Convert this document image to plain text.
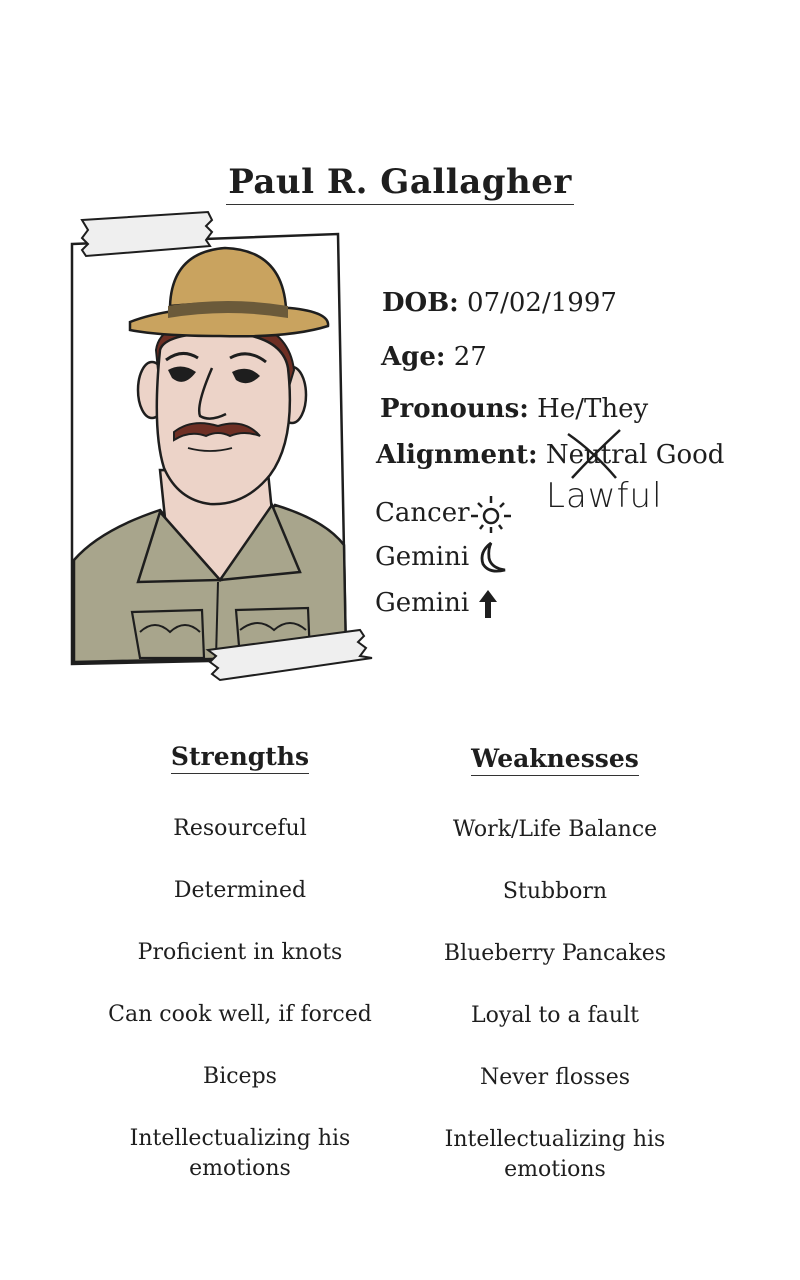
Paul R. Gallagher
DOB: 07/02/1997
Age: 27
Pronouns: He/They
Alignment: Neutral Good
Lawful
Cancer
Gemini
Gemini
Strengths
Resourceful
Determined
Proficient in knots
Can cook well, if forced
Biceps
Intellectualizing his emotions
Weaknesses
Work/Life Balance
Stubborn
Blueberry Pancakes
Loyal to a fault
Never flosses
Intellectualizing his emotions
